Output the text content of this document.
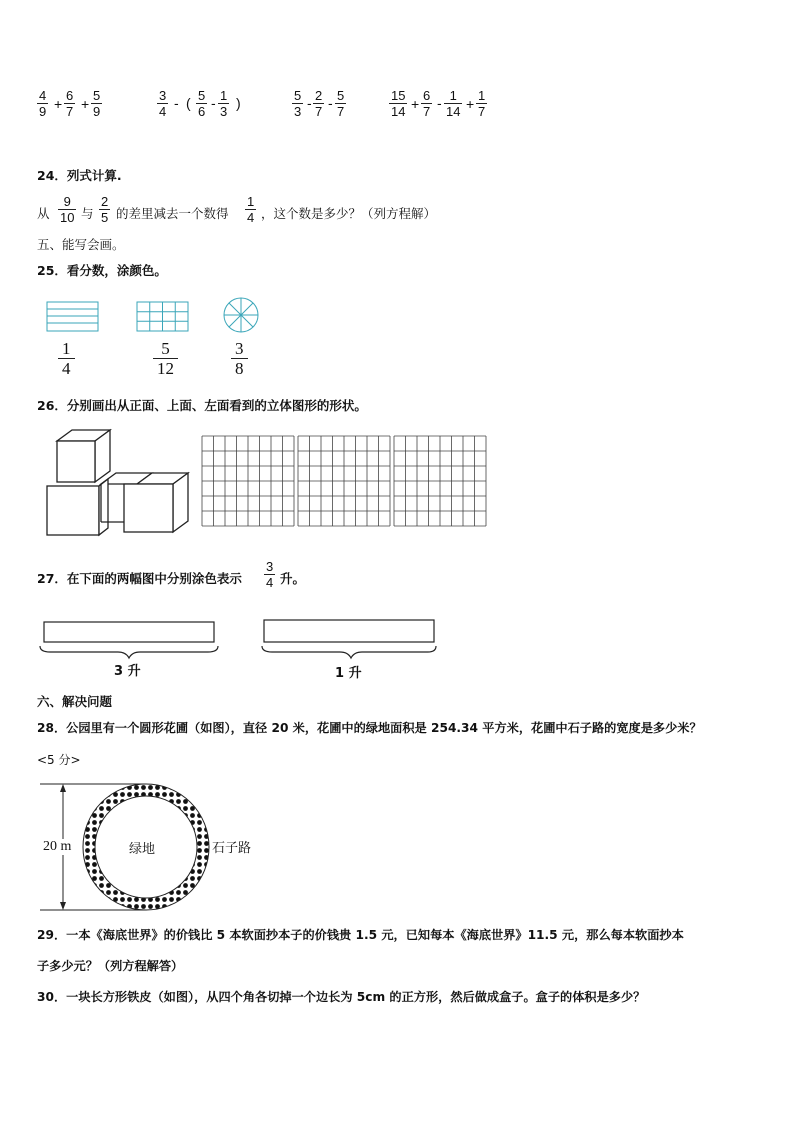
$\frac{4}{9} + \frac{6}{7} + \frac{5}{9}$	$\frac{3}{4}$ - ( $\frac{5}{6} - \frac{1}{3}$ )	$\frac{5}{3} - \frac{2}{7} - \frac{5}{7}$	$\frac{15}{14} + \frac{6}{7} - \frac{1}{14} + \frac{1}{7}$
24．列式计算.
从 $\frac{9}{10}$ 与 $\frac{2}{5}$ 的差里减去一个数得 $\frac{1}{4}$ ，这个数是多少？（列方程解）
五、能写会画。
25．看分数，涂颜色。
1
4
5
12
3
8
26．分别画出从正面、上面、左面看到的立体图形的形状。
27．在下面的两幅图中分别涂色表示 $\frac{3}{4}$ 升。
3 升	1 升
六、解决问题
28．公园里有一个圆形花圃（如图），直径 20 米，花圃中的绿地面积是 254.34 平方米，花圃中石子路的宽度是多少米？
<5 分>
20 m	绿地	石子路
29．一本《海底世界》的价钱比 5 本软面抄本子的价钱贵 1.5 元，已知每本《海底世界》11.5 元，那么每本软面抄本
子多少元？（列方程解答）
30．一块长方形铁皮（如图），从四个角各切掉一个边长为 5cm 的正方形，然后做成盒子。盒子的体积是多少？
